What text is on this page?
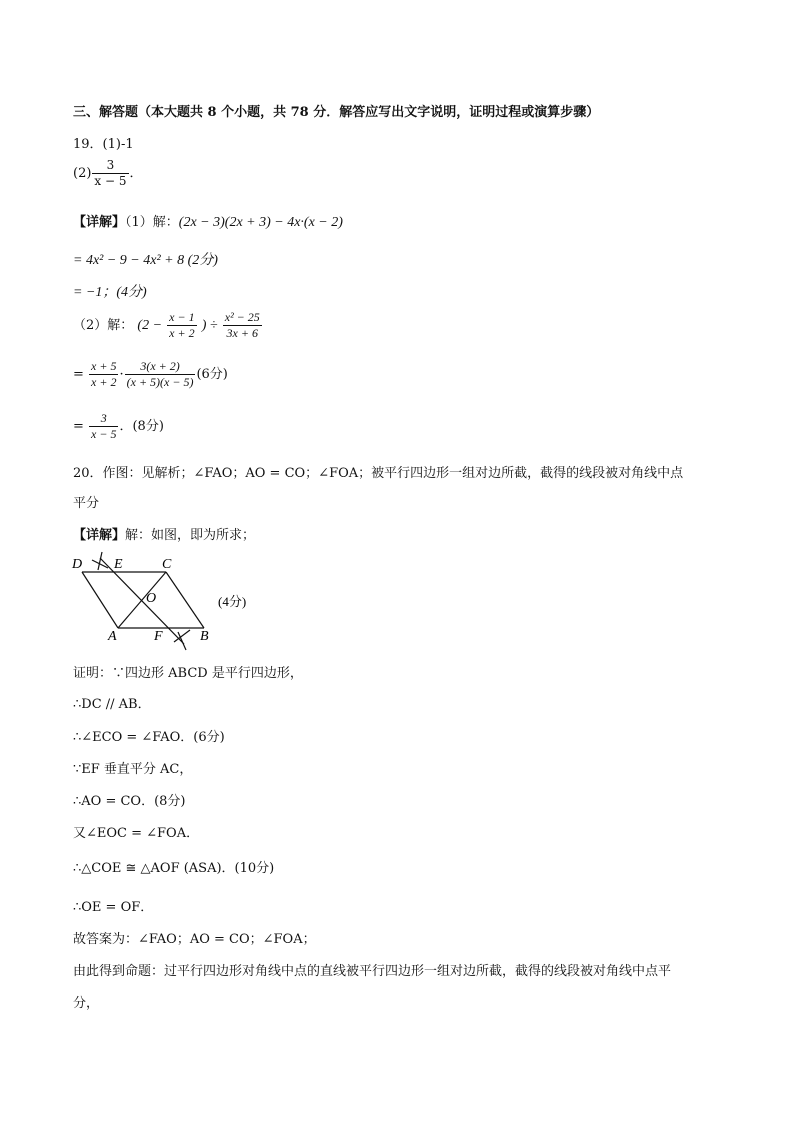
三、解答题（本大题共 8 个小题，共 78 分．解答应写出文字说明，证明过程或演算步骤）
19．(1)-1
$(2) \frac{3}{x - 5}$ ．
【详解】（1）解：(2x − 3)(2x + 3) − 4x·(x − 2)
= 4x² − 9 − 4x² + 8 (2分)
= −1；(4分)
（2）解： ($2 - \frac{x - 1}{x + 2}$ ) ÷ $\frac{\text{x² − 25}}{3x + 6}$
= $\frac{x + 5}{x + 2} \cdot \frac{3(x + 2)}{(x + 5)(x - 5)} (6$分)
= $\frac{3}{x - 5}$ ．(8分)
20．作图：见解析；∠FAO；AO = CO；∠FOA；被平行四边形一组对边所截，截得的线段被对角线中点
平分
【详解】解：如图，即为所求；
D E	C
O
A	F	B
(4分)
证明：∵四边形 ABCD 是平行四边形，
∴DC // AB．
∴∠ECO = ∠FAO．(6分)
∵EF 垂直平分 AC，
∴AO = CO．(8分)
又∠EOC = ∠FOA．
∴△COE ≅ △AOF (ASA)．(10分)
∴OE = OF．
故答案为：∠FAO；AO = CO；∠FOA；
由此得到命题：过平行四边形对角线中点的直线被平行四边形一组对边所截，截得的线段被对角线中点平
分，
